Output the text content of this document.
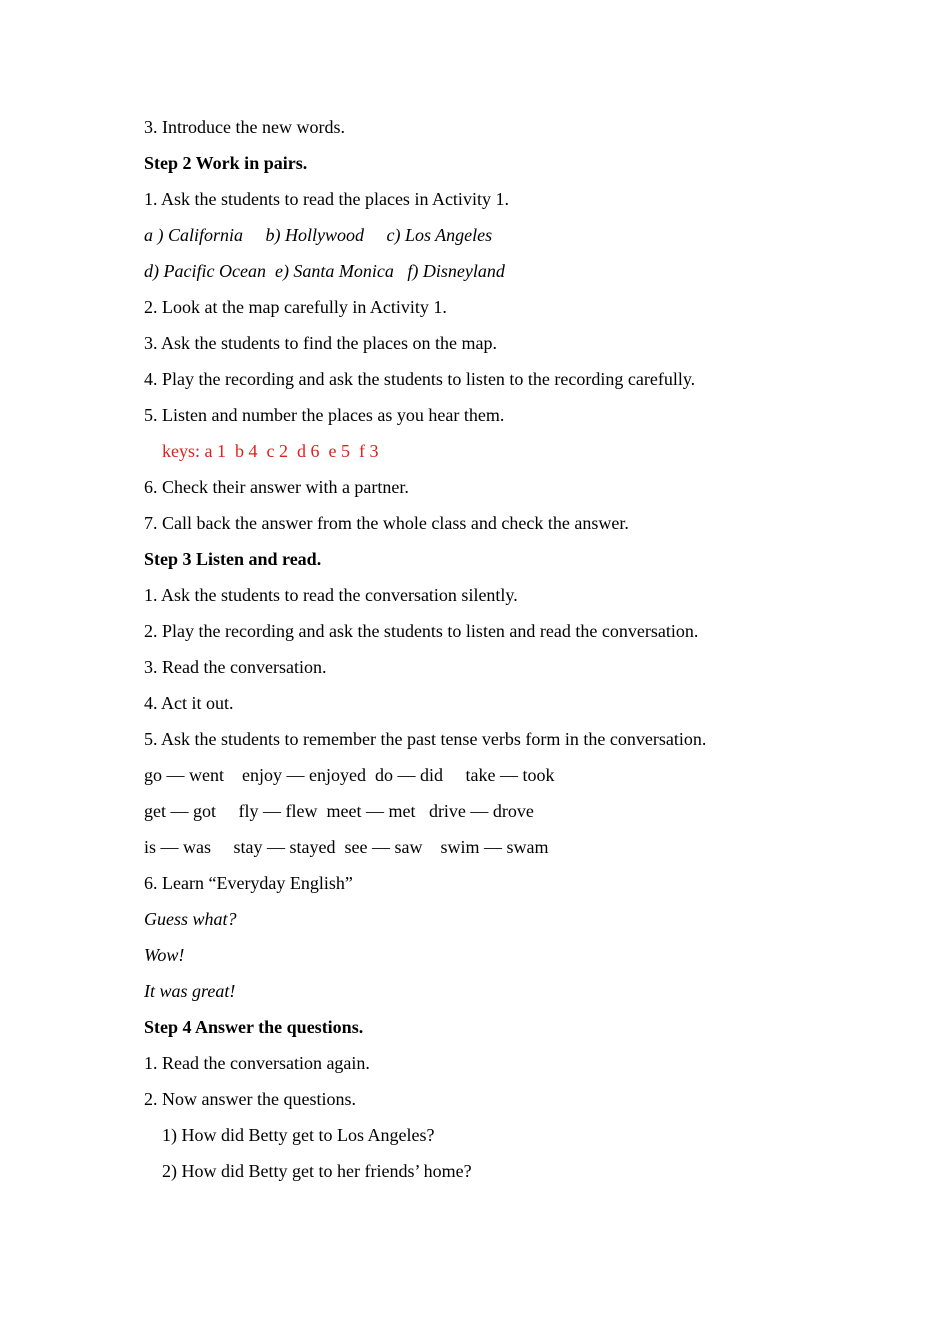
3. Introduce the new words.
Step 2 Work in pairs.
1. Ask the students to read the places in Activity 1.
a ) California     b) Hollywood     c) Los Angeles
d) Pacific Ocean  e) Santa Monica   f) Disneyland
2. Look at the map carefully in Activity 1.
3. Ask the students to find the places on the map.
4. Play the recording and ask the students to listen to the recording carefully.
5. Listen and number the places as you hear them.
keys: a 1  b 4  c 2  d 6  e 5  f 3
6. Check their answer with a partner.
7. Call back the answer from the whole class and check the answer.
Step 3 Listen and read.
1. Ask the students to read the conversation silently.
2. Play the recording and ask the students to listen and read the conversation.
3. Read the conversation.
4. Act it out.
5. Ask the students to remember the past tense verbs form in the conversation.
go — went    enjoy — enjoyed  do — did     take — took
get — got     fly — flew  meet — met   drive — drove
is — was     stay — stayed  see — saw    swim — swam
6. Learn “Everyday English”
Guess what?
Wow!
It was great!
Step 4 Answer the questions.
1. Read the conversation again.
2. Now answer the questions.
1) How did Betty get to Los Angeles?
2) How did Betty get to her friends’ home?
